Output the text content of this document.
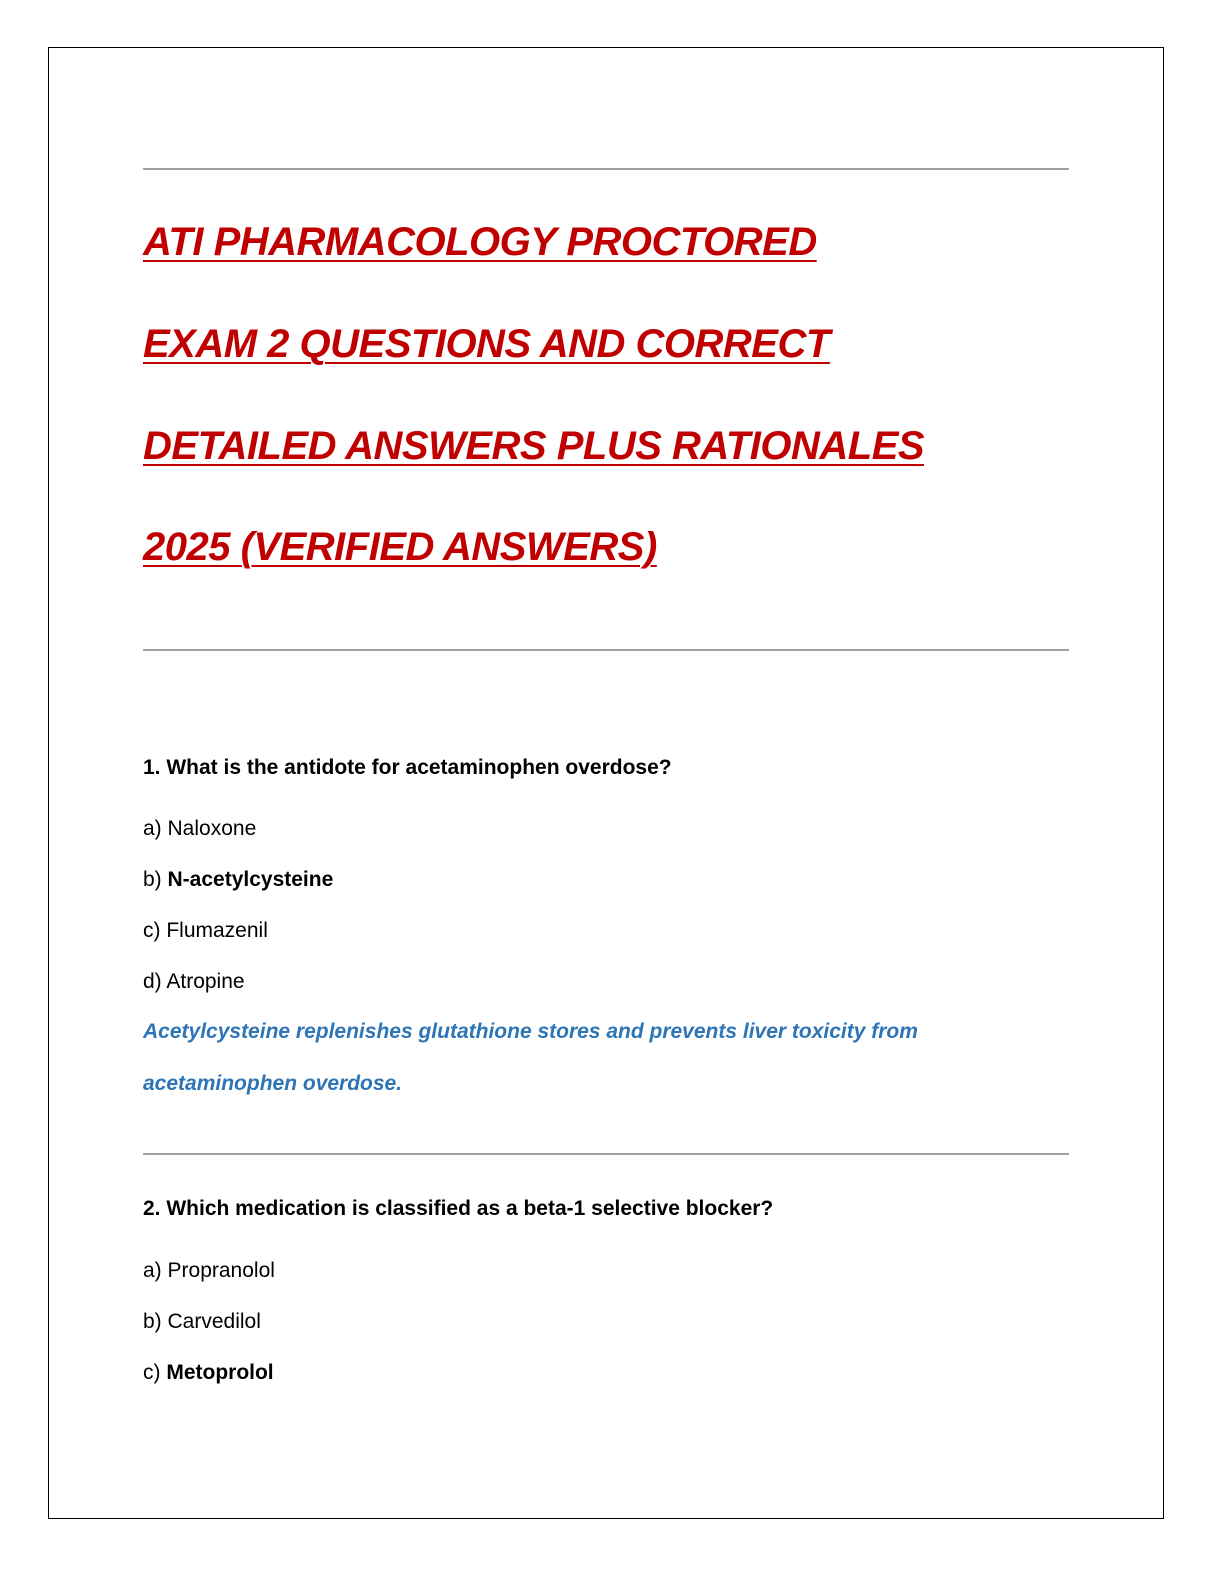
ATI PHARMACOLOGY PROCTORED
EXAM 2 QUESTIONS AND CORRECT
DETAILED ANSWERS PLUS RATIONALES
2025 (VERIFIED ANSWERS)

1. What is the antidote for acetaminophen overdose?

a) Naloxone

b) N-acetylcysteine

c) Flumazenil

d) Atropine

Acetylcysteine replenishes glutathione stores and prevents liver toxicity from

acetaminophen overdose.

2. Which medication is classified as a beta-1 selective blocker?

a) Propranolol

b) Carvedilol

c) Metoprolol
